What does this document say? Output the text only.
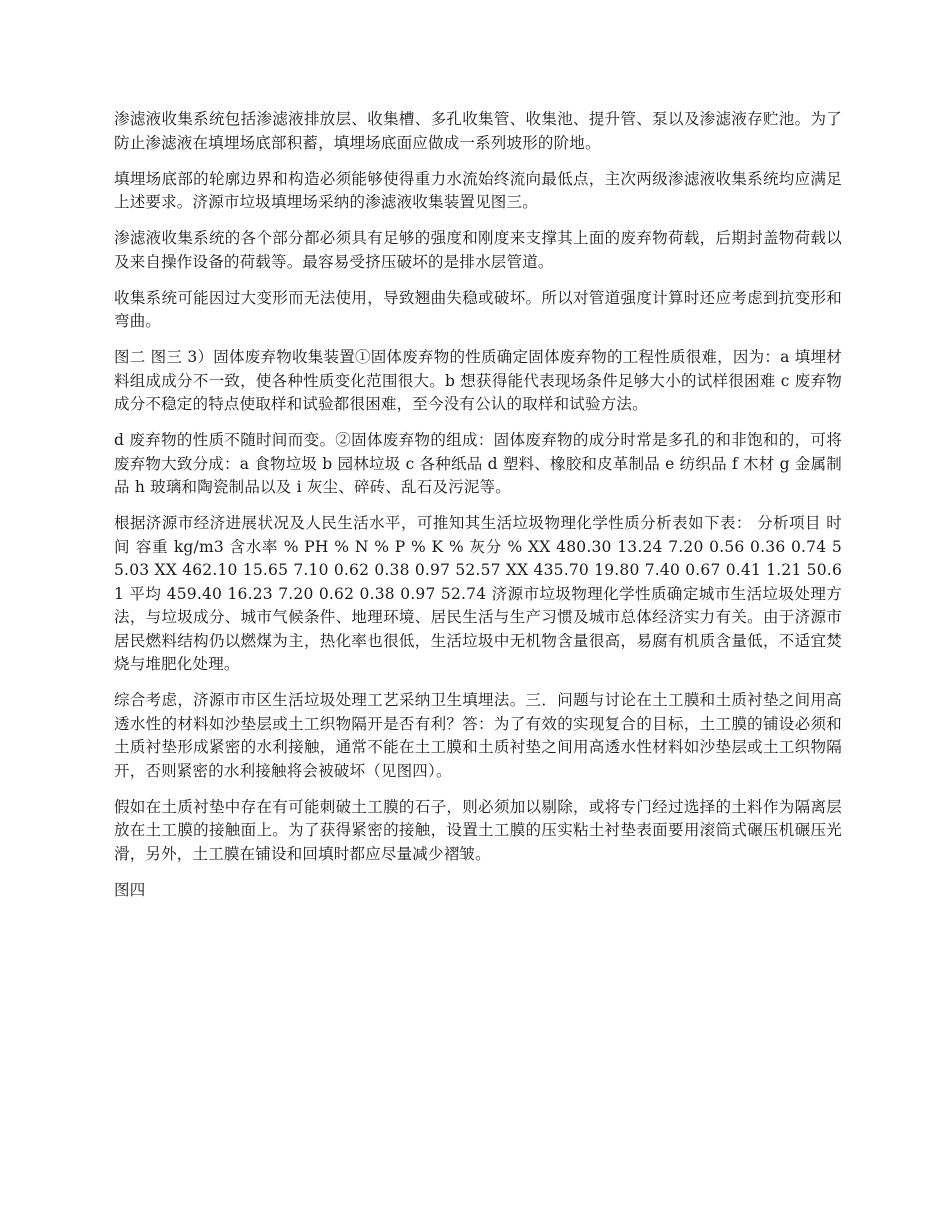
渗滤液收集系统包括渗滤液排放层、收集槽、多孔收集管、收集池、提升管、泵以及渗滤液存贮池。为了防止渗滤液在填埋场底部积蓄，填埋场底面应做成一系列坡形的阶地。

填埋场底部的轮廓边界和构造必须能够使得重力水流始终流向最低点，主次两级渗滤液收集系统均应满足上述要求。济源市垃圾填埋场采纳的渗滤液收集装置见图三。

渗滤液收集系统的各个部分都必须具有足够的强度和刚度来支撑其上面的废弃物荷载，后期封盖物荷载以及来自操作设备的荷载等。最容易受挤压破坏的是排水层管道。

收集系统可能因过大变形而无法使用，导致翘曲失稳或破坏。所以对管道强度计算时还应考虑到抗变形和弯曲。

图二 图三 3）固体废弃物收集装置①固体废弃物的性质确定固体废弃物的工程性质很难，因为：a 填埋材料组成成分不一致，使各种性质变化范围很大。b 想获得能代表现场条件足够大小的试样很困难 c 废弃物成分不稳定的特点使取样和试验都很困难，至今没有公认的取样和试验方法。

d 废弃物的性质不随时间而变。②固体废弃物的组成：固体废弃物的成分时常是多孔的和非饱和的，可将废弃物大致分成：a 食物垃圾 b 园林垃圾 c 各种纸品 d 塑料、橡胶和皮革制品 e 纺织品 f 木材 g 金属制品 h 玻璃和陶瓷制品以及 i 灰尘、碎砖、乱石及污泥等。

根据济源市经济进展状况及人民生活水平，可推知其生活垃圾物理化学性质分析表如下表： 分析项目 时间 容重 kg/m3 含水率 % PH % N % P % K % 灰分 % XX 480.30 13.24 7.20 0.56 0.36 0.74 55.03 XX 462.10 15.65 7.10 0.62 0.38 0.97 52.57 XX 435.70 19.80 7.40 0.67 0.41 1.21 50.61 平均 459.40 16.23 7.20 0.62 0.38 0.97 52.74 济源市垃圾物理化学性质确定城市生活垃圾处理方法，与垃圾成分、城市气候条件、地理环境、居民生活与生产习惯及城市总体经济实力有关。由于济源市居民燃料结构仍以燃煤为主，热化率也很低，生活垃圾中无机物含量很高，易腐有机质含量低，不适宜焚烧与堆肥化处理。

综合考虑，济源市市区生活垃圾处理工艺采纳卫生填埋法。三．问题与讨论在土工膜和土质衬垫之间用高透水性的材料如沙垫层或土工织物隔开是否有利？答：为了有效的实现复合的目标，土工膜的铺设必须和土质衬垫形成紧密的水利接触，通常不能在土工膜和土质衬垫之间用高透水性材料如沙垫层或土工织物隔开，否则紧密的水利接触将会被破坏（见图四）。

假如在土质衬垫中存在有可能刺破土工膜的石子，则必须加以剔除，或将专门经过选择的土料作为隔离层放在土工膜的接触面上。为了获得紧密的接触，设置土工膜的压实粘土衬垫表面要用滚筒式碾压机碾压光滑，另外，土工膜在铺设和回填时都应尽量减少褶皱。

图四
